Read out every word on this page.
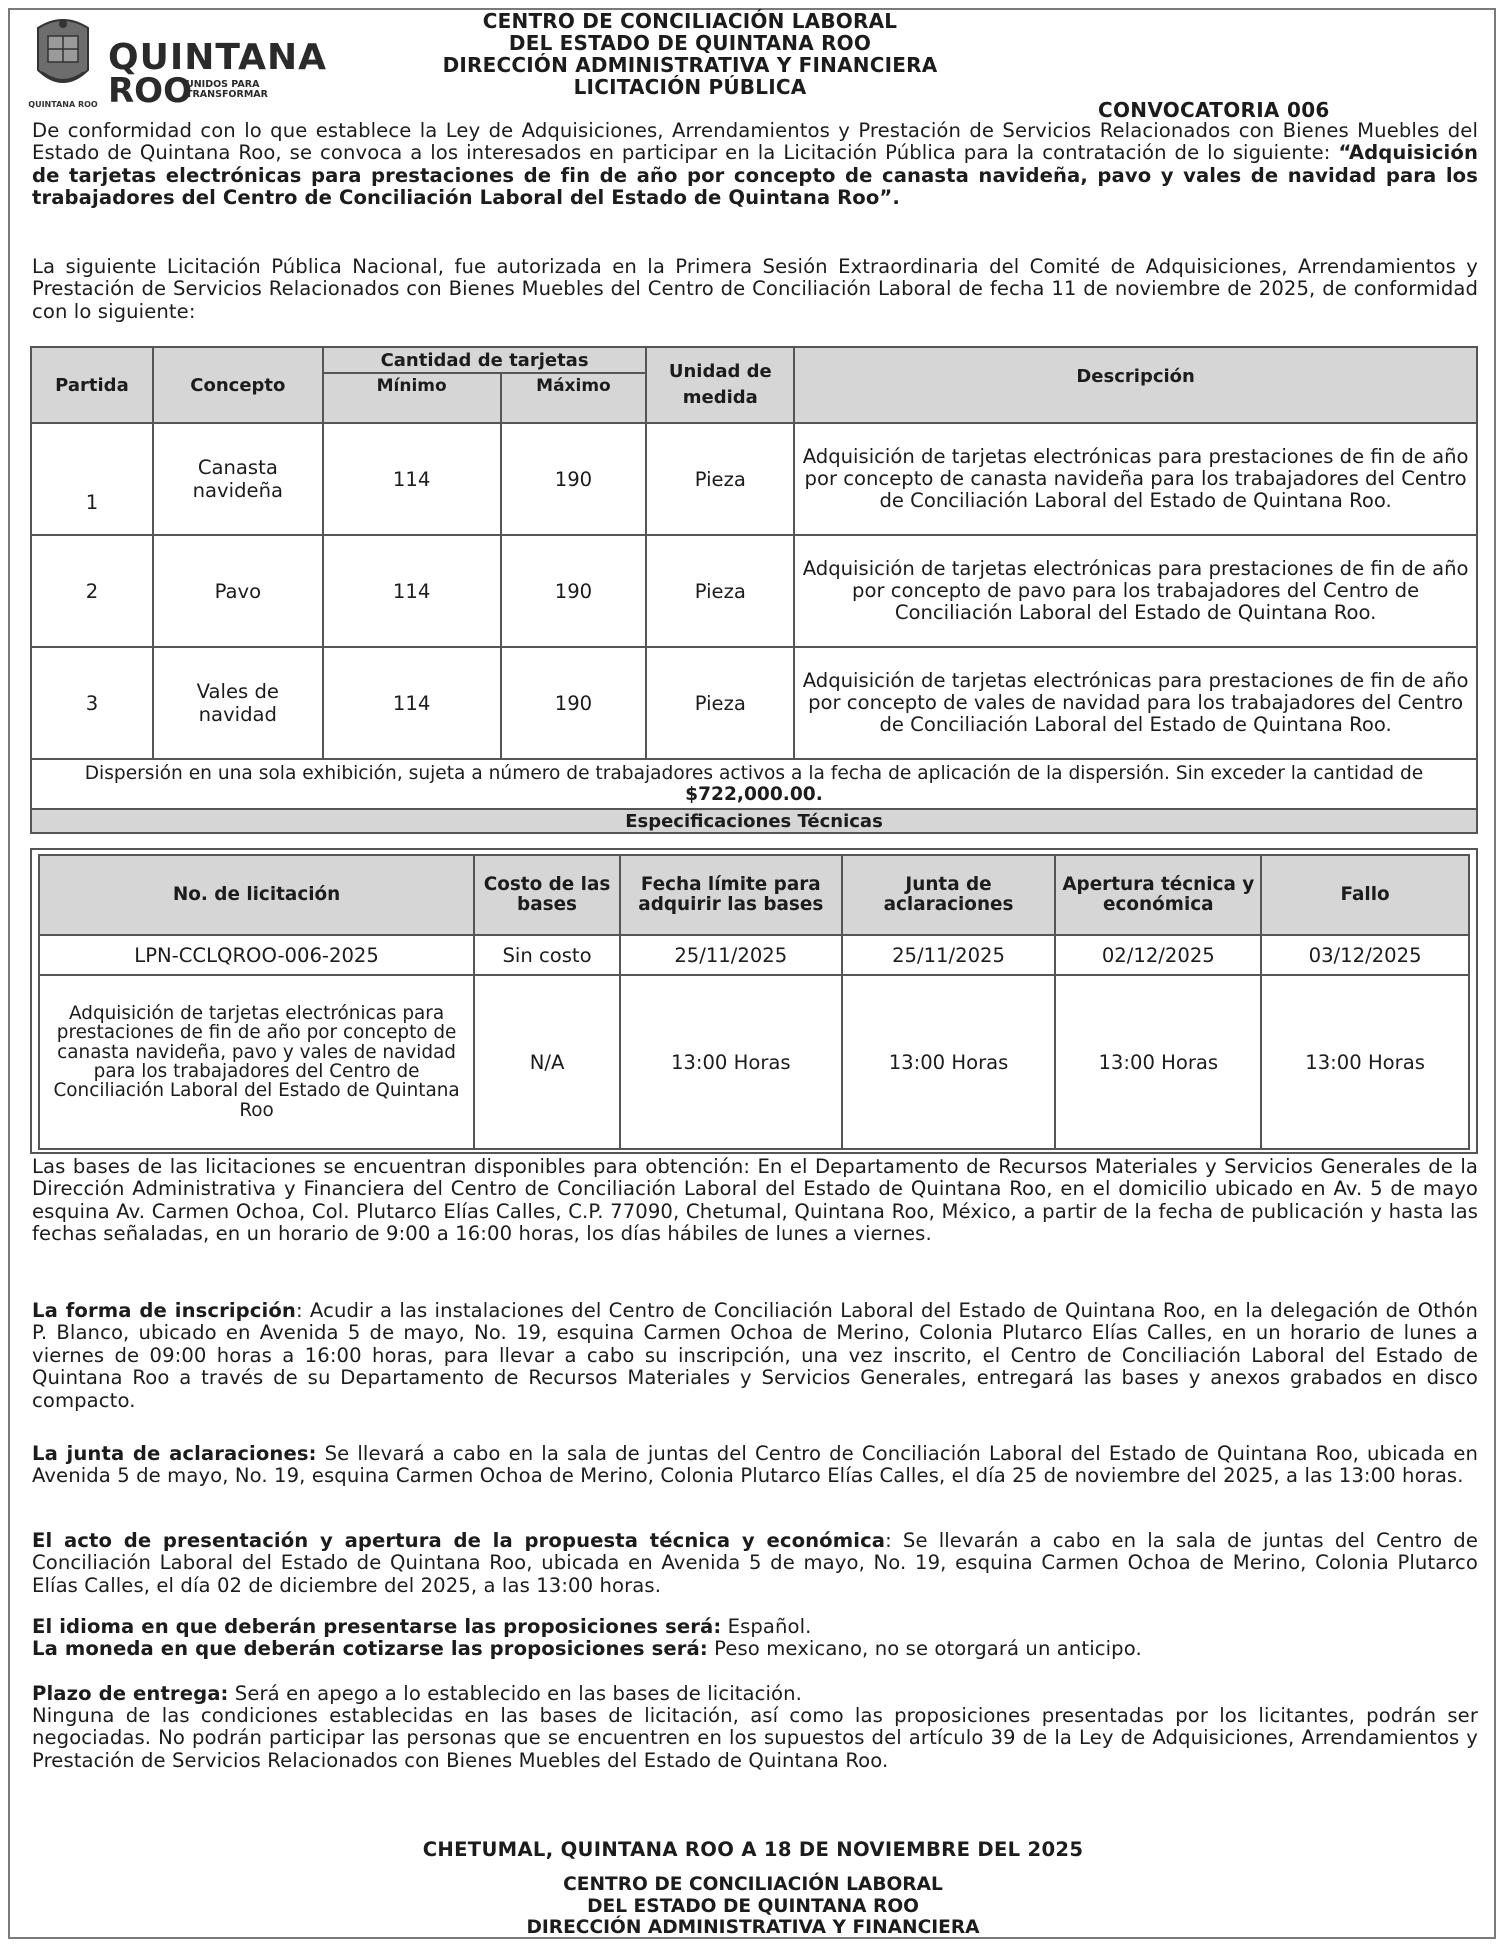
QUINTANA ROO
QUINTANA
ROO
UNIDOS PARA TRANSFORMAR
CENTRO DE CONCILIACIÓN LABORAL
DEL ESTADO DE QUINTANA ROO
DIRECCIÓN ADMINISTRATIVA Y FINANCIERA
LICITACIÓN PÚBLICA
CONVOCATORIA 006
De conformidad con lo que establece la Ley de Adquisiciones, Arrendamientos y Prestación de Servicios Relacionados con Bienes Muebles del Estado de Quintana Roo, se convoca a los interesados en participar en la Licitación Pública para la contratación de lo siguiente: “Adquisición de tarjetas electrónicas para prestaciones de fin de año por concepto de canasta navideña, pavo y vales de navidad para los trabajadores del Centro de Conciliación Laboral del Estado de Quintana Roo”.
La siguiente Licitación Pública Nacional, fue autorizada en la Primera Sesión Extraordinaria del Comité de Adquisiciones, Arrendamientos y Prestación de Servicios Relacionados con Bienes Muebles del Centro de Conciliación Laboral de fecha 11 de noviembre de 2025, de conformidad con lo siguiente:
Partida	Concepto	Cantidad de tarjetas		Unidad de medida	Descripción
		Mínimo	Máximo		
1	Canasta navideña	114	190	Pieza	Adquisición de tarjetas electrónicas para prestaciones de fin de año por concepto de canasta navideña para los trabajadores del Centro de Conciliación Laboral del Estado de Quintana Roo.
2	Pavo	114	190	Pieza	Adquisición de tarjetas electrónicas para prestaciones de fin de año por concepto de pavo para los trabajadores del Centro de Conciliación Laboral del Estado de Quintana Roo.
3	Vales de navidad	114	190	Pieza	Adquisición de tarjetas electrónicas para prestaciones de fin de año por concepto de vales de navidad para los trabajadores del Centro de Conciliación Laboral del Estado de Quintana Roo.
Dispersión en una sola exhibición, sujeta a número de trabajadores activos a la fecha de aplicación de la dispersión. Sin exceder la cantidad de $722,000.00.					
Especificaciones Técnicas					
No. de licitación	Costo de las bases	Fecha límite para adquirir las bases	Junta de aclaraciones	Apertura técnica y económica	Fallo
LPN-CCLQROO-006-2025	Sin costo	25/11/2025	25/11/2025	02/12/2025	03/12/2025
Adquisición de tarjetas electrónicas para prestaciones de fin de año por concepto de canasta navideña, pavo y vales de navidad para los trabajadores del Centro de Conciliación Laboral del Estado de Quintana Roo	N/A	13:00 Horas	13:00 Horas	13:00 Horas	13:00 Horas
Las bases de las licitaciones se encuentran disponibles para obtención: En el Departamento de Recursos Materiales y Servicios Generales de la Dirección Administrativa y Financiera del Centro de Conciliación Laboral del Estado de Quintana Roo, en el domicilio ubicado en Av. 5 de mayo esquina Av. Carmen Ochoa, Col. Plutarco Elías Calles, C.P. 77090, Chetumal, Quintana Roo, México, a partir de la fecha de publicación y hasta las fechas señaladas, en un horario de 9:00 a 16:00 horas, los días hábiles de lunes a viernes.
La forma de inscripción: Acudir a las instalaciones del Centro de Conciliación Laboral del Estado de Quintana Roo, en la delegación de Othón P. Blanco, ubicado en Avenida 5 de mayo, No. 19, esquina Carmen Ochoa de Merino, Colonia Plutarco Elías Calles, en un horario de lunes a viernes de 09:00 horas a 16:00 horas, para llevar a cabo su inscripción, una vez inscrito, el Centro de Conciliación Laboral del Estado de Quintana Roo a través de su Departamento de Recursos Materiales y Servicios Generales, entregará las bases y anexos grabados en disco compacto.
La junta de aclaraciones: Se llevará a cabo en la sala de juntas del Centro de Conciliación Laboral del Estado de Quintana Roo, ubicada en Avenida 5 de mayo, No. 19, esquina Carmen Ochoa de Merino, Colonia Plutarco Elías Calles, el día 25 de noviembre del 2025, a las 13:00 horas.
El acto de presentación y apertura de la propuesta técnica y económica: Se llevarán a cabo en la sala de juntas del Centro de Conciliación Laboral del Estado de Quintana Roo, ubicada en Avenida 5 de mayo, No. 19, esquina Carmen Ochoa de Merino, Colonia Plutarco Elías Calles, el día 02 de diciembre del 2025, a las 13:00 horas.
El idioma en que deberán presentarse las proposiciones será: Español.
La moneda en que deberán cotizarse las proposiciones será: Peso mexicano, no se otorgará un anticipo.
Plazo de entrega: Será en apego a lo establecido en las bases de licitación.
Ninguna de las condiciones establecidas en las bases de licitación, así como las proposiciones presentadas por los licitantes, podrán ser negociadas. No podrán participar las personas que se encuentren en los supuestos del artículo 39 de la Ley de Adquisiciones, Arrendamientos y Prestación de Servicios Relacionados con Bienes Muebles del Estado de Quintana Roo.
CHETUMAL, QUINTANA ROO A 18 DE NOVIEMBRE DEL 2025
CENTRO DE CONCILIACIÓN LABORAL
DEL ESTADO DE QUINTANA ROO
DIRECCIÓN ADMINISTRATIVA Y FINANCIERA
